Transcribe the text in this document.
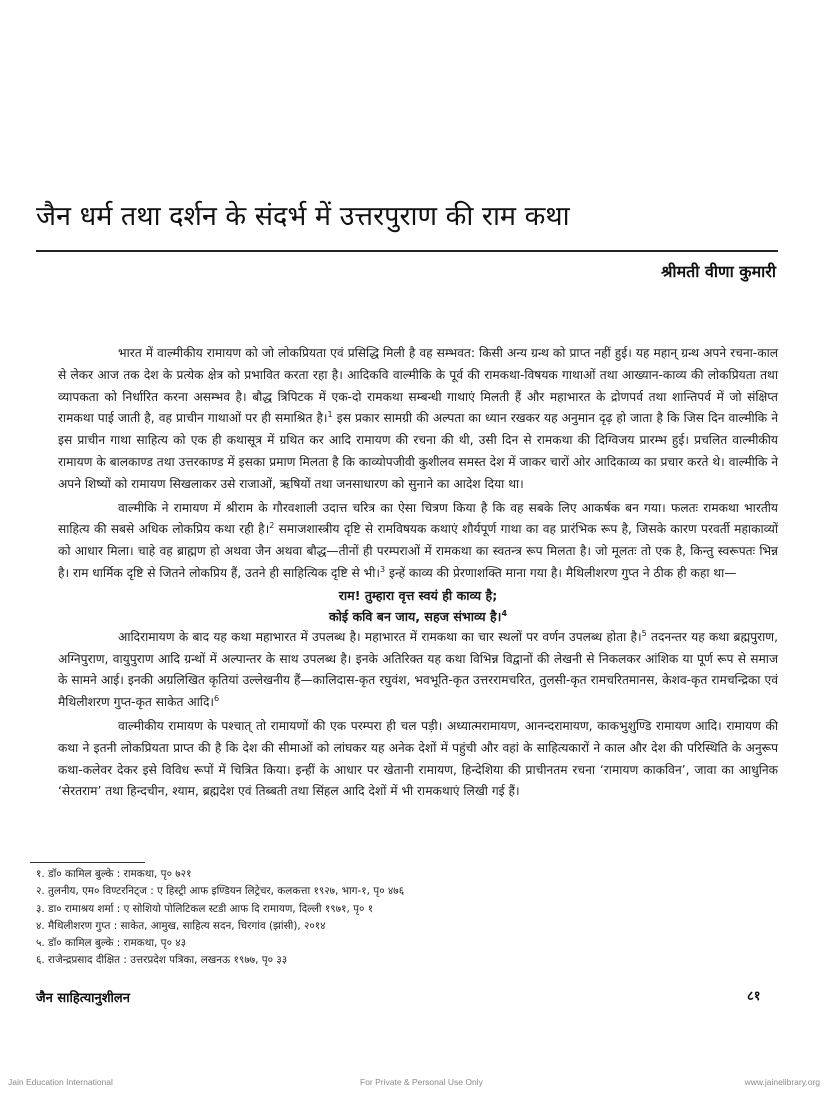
जैन धर्म तथा दर्शन के संदर्भ में उत्तरपुराण की राम कथा
श्रीमती वीणा कुमारी

भारत में वाल्मीकीय रामायण को जो लोकप्रियता एवं प्रसिद्धि मिली है वह सम्भवत: किसी अन्य ग्रन्थ को प्राप्त नहीं हुई। यह महान् ग्रन्थ अपने रचना-काल से लेकर आज तक देश के प्रत्येक क्षेत्र को प्रभावित करता रहा है। आदिकवि वाल्मीकि के पूर्व की रामकथा-विषयक गाथाओं तथा आख्यान-काव्य की लोकप्रियता तथा व्यापकता को निर्धारित करना असम्भव है। बौद्ध त्रिपिटक में एक-दो रामकथा सम्बन्धी गाथाएं मिलती हैं और महाभारत के द्रोणपर्व तथा शान्तिपर्व में जो संक्षिप्त रामकथा पाई जाती है, वह प्राचीन गाथाओं पर ही समाश्रित है।$^1$ इस प्रकार सामग्री की अल्पता का ध्यान रखकर यह अनुमान दृढ़ हो जाता है कि जिस दिन वाल्मीकि ने इस प्राचीन गाथा साहित्य को एक ही कथासूत्र में ग्रथित कर आदि रामायण की रचना की थी, उसी दिन से रामकथा की दिग्विजय प्रारम्भ हुई। प्रचलित वाल्मीकीय रामायण के बालकाण्ड तथा उत्तरकाण्ड में इसका प्रमाण मिलता है कि काव्योपजीवी कुशीलव समस्त देश में जाकर चारों ओर आदिकाव्य का प्रचार करते थे। वाल्मीकि ने अपने शिष्यों को रामायण सिखलाकर उसे राजाओं, ऋषियों तथा जनसाधारण को सुनाने का आदेश दिया था।

वाल्मीकि ने रामायण में श्रीराम के गौरवशाली उदात्त चरित्र का ऐसा चित्रण किया है कि वह सबके लिए आकर्षक बन गया। फलतः रामकथा भारतीय साहित्य की सबसे अधिक लोकप्रिय कथा रही है।$^2$ समाजशास्त्रीय दृष्टि से रामविषयक कथाएं शौर्यपूर्ण गाथा का वह प्रारंभिक रूप है, जिसके कारण परवर्ती महाकाव्यों को आधार मिला। चाहे वह ब्राह्मण हो अथवा जैन अथवा बौद्ध—तीनों ही परम्पराओं में रामकथा का स्वतन्त्र रूप मिलता है। जो मूलतः तो एक है, किन्तु स्वरूपतः भिन्न है। राम धार्मिक दृष्टि से जितने लोकप्रिय हैं, उतने ही साहित्यिक दृष्टि से भी।$^3$ इन्हें काव्य की प्रेरणाशक्ति माना गया है। मैथिलीशरण गुप्त ने ठीक ही कहा था—

राम! तुम्हारा वृत्त स्वयं ही काव्य है;

कोई कवि बन जाय, सहज संभाव्य है।$^4$

आदिरामायण के बाद यह कथा महाभारत में उपलब्ध है। महाभारत में रामकथा का चार स्थलों पर वर्णन उपलब्ध होता है।$^5$ तदनन्तर यह कथा ब्रह्मपुराण, अग्निपुराण, वायुपुराण आदि ग्रन्थों में अल्पान्तर के साथ उपलब्ध है। इनके अतिरिक्त यह कथा विभिन्न विद्वानों की लेखनी से निकलकर आंशिक या पूर्ण रूप से समाज के सामने आई। इनकी अग्रलिखित कृतियां उल्लेखनीय हैं—कालिदास-कृत रघुवंश, भवभूति-कृत उत्तररामचरित, तुलसी-कृत रामचरितमानस, केशव-कृत रामचन्द्रिका एवं मैथिलीशरण गुप्त-कृत साकेत आदि।$^6$

वाल्मीकीय रामायण के पश्चात् तो रामायणों की एक परम्परा ही चल पड़ी। अध्यात्मरामायण, आनन्दरामायण, काकभुशुण्डि रामायण आदि। रामायण की कथा ने इतनी लोकप्रियता प्राप्त की है कि देश की सीमाओं को लांघकर यह अनेक देशों में पहुंची और वहां के साहित्यकारों ने काल और देश की परिस्थिति के अनुरूप कथा-कलेवर देकर इसे विविध रूपों में चित्रित किया। इन्हीं के आधार पर खेतानी रामायण, हिन्देशिया की प्राचीनतम रचना ‘रामायण काकविन’, जावा का आधुनिक ‘सेरतराम’ तथा हिन्दचीन, श्याम, ब्रह्मदेश एवं तिब्बती तथा सिंहल आदि देशों में भी रामकथाएं लिखी गई हैं।

१. डॉ० कामिल बुल्के : रामकथा, पृ० ७२१

२. तुलनीय, एम० विण्टरनिट्ज : ए हिस्ट्री आफ इण्डियन लिट्रेचर, कलकत्ता १९२७, भाग-१, पृ० ४७६

३. डा० रामाश्रय शर्मा : ए सोशियो पोलिटिकल स्टडी आफ दि रामायण, दिल्ली १९७१, पृ० १

४. मैथिलीशरण गुप्त : साकेत, आमुख, साहित्य सदन, चिरगांव (झांसी), २०१४

५. डॉ० कामिल बुल्के : रामकथा, पृ० ४३

६. राजेन्द्रप्रसाद दीक्षित : उत्तरप्रदेश पत्रिका, लखनऊ १९७७, पृ० ३३

जैन साहित्यानुशीलन	८१
Jain Education International	For Private & Personal Use Only	www.jainelibrary.org
